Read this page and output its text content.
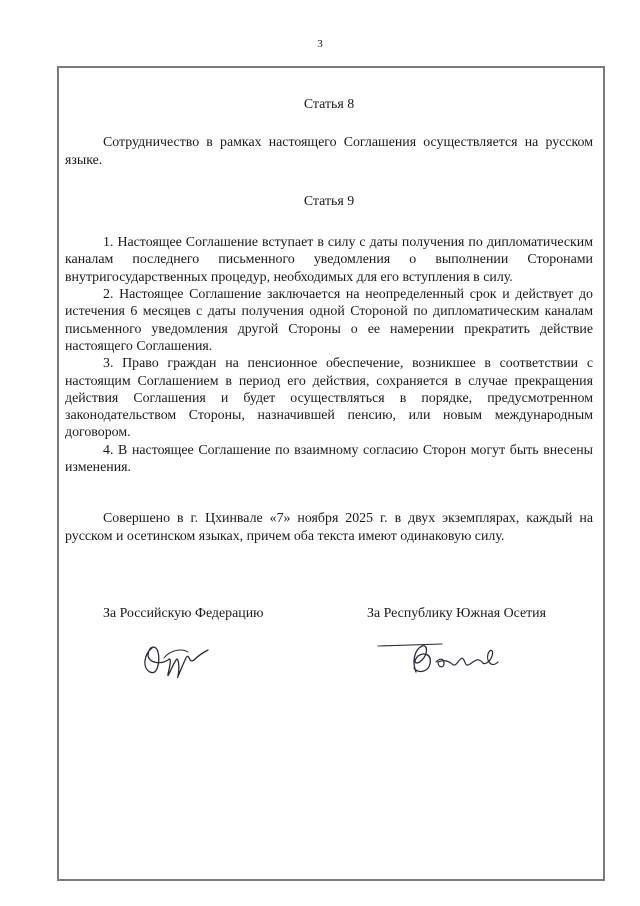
3
Статья 8

Сотрудничество в рамках настоящего Соглашения осуществляется на русском языке.

Статья 9

1. Настоящее Соглашение вступает в силу с даты получения по дипломатическим каналам последнего письменного уведомления о выполнении Сторонами внутригосударственных процедур, необходимых для его вступления в силу.

2. Настоящее Соглашение заключается на неопределенный срок и действует до истечения 6 месяцев с даты получения одной Стороной по дипломатическим каналам письменного уведомления другой Стороны о ее намерении прекратить действие настоящего Соглашения.

3. Право граждан на пенсионное обеспечение, возникшее в соответствии с настоящим Соглашением в период его действия, сохраняется в случае прекращения действия Соглашения и будет осуществляться в порядке, предусмотренном законодательством Стороны, назначившей пенсию, или новым международным договором.

4. В настоящее Соглашение по взаимному согласию Сторон могут быть внесены изменения.

Совершено в г. Цхинвале «7» ноября 2025 г. в двух экземплярах, каждый на русском и осетинском языках, причем оба текста имеют одинаковую силу.

За Российскую Федерацию	За Республику Южная Осетия
